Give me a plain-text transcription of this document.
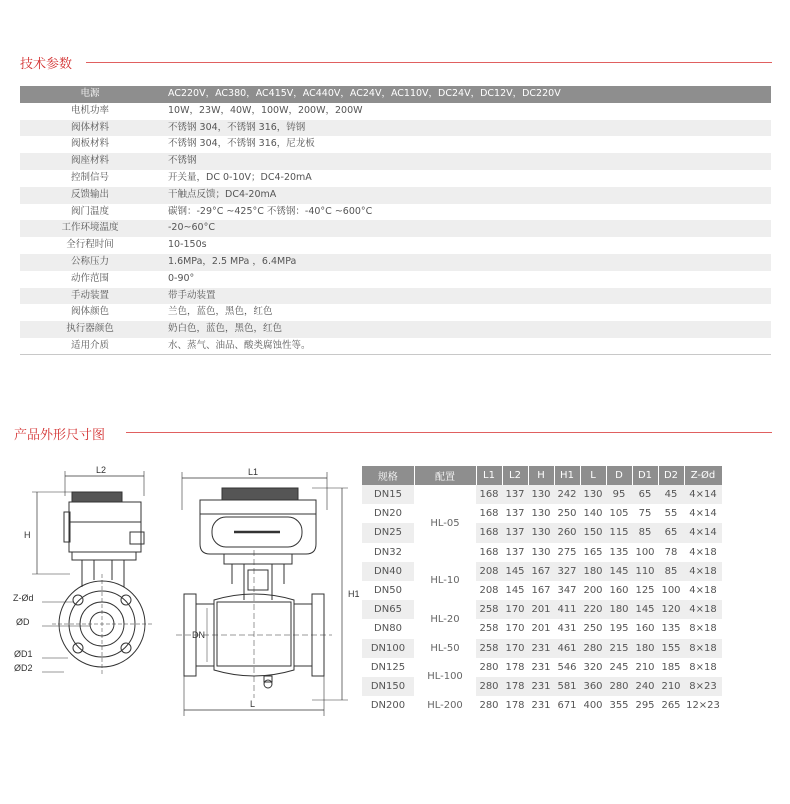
技术参数
电源	AC220V，AC380，AC415V，AC440V，AC24V，AC110V，DC24V，DC12V，DC220V
电机功率	10W，23W，40W，100W，200W，200W
阀体材料	不锈钢 304，不锈钢 316，铸钢
阀板材料	不锈钢 304，不锈钢 316，尼龙板
阀座材料	不锈钢
控制信号	开关量，DC 0-10V；DC4-20mA
反馈输出	干触点反馈；DC4-20mA
阀门温度	碳钢：-29°C ~425°C 不锈钢：-40°C ~600°C
工作环境温度	-20~60°C
全行程时间	10-150s
公称压力	1.6MPa，2.5 MPa ，6.4MPa
动作范围	0-90°
手动装置	带手动装置
阀体颜色	兰色，蓝色，黑色，红色
执行器颜色	奶白色，蓝色，黑色，红色
适用介质	水、蒸气、油品、酸类腐蚀性等。
产品外形尺寸图
L2
H
Z-Ød
ØD
ØD1
ØD2
L1
H1
DN
L
规格	配置	L1	L2	H	H1	L	D	D1	D2	Z-Ød
DN15	HL-05	168	137	130	242	130	95	65	45	4×14
DN20		168	137	130	250	140	105	75	55	4×14
DN25		168	137	130	260	150	115	85	65	4×14
DN32		168	137	130	275	165	135	100	78	4×18
DN40	HL-10	208	145	167	327	180	145	110	85	4×18
DN50		208	145	167	347	200	160	125	100	4×18
DN65	HL-20	258	170	201	411	220	180	145	120	4×18
DN80		258	170	201	431	250	195	160	135	8×18
DN100	HL-50	258	170	231	461	280	215	180	155	8×18
DN125	HL-100	280	178	231	546	320	245	210	185	8×18
DN150		280	178	231	581	360	280	240	210	8×23
DN200	HL-200	280	178	231	671	400	355	295	265	12×23
